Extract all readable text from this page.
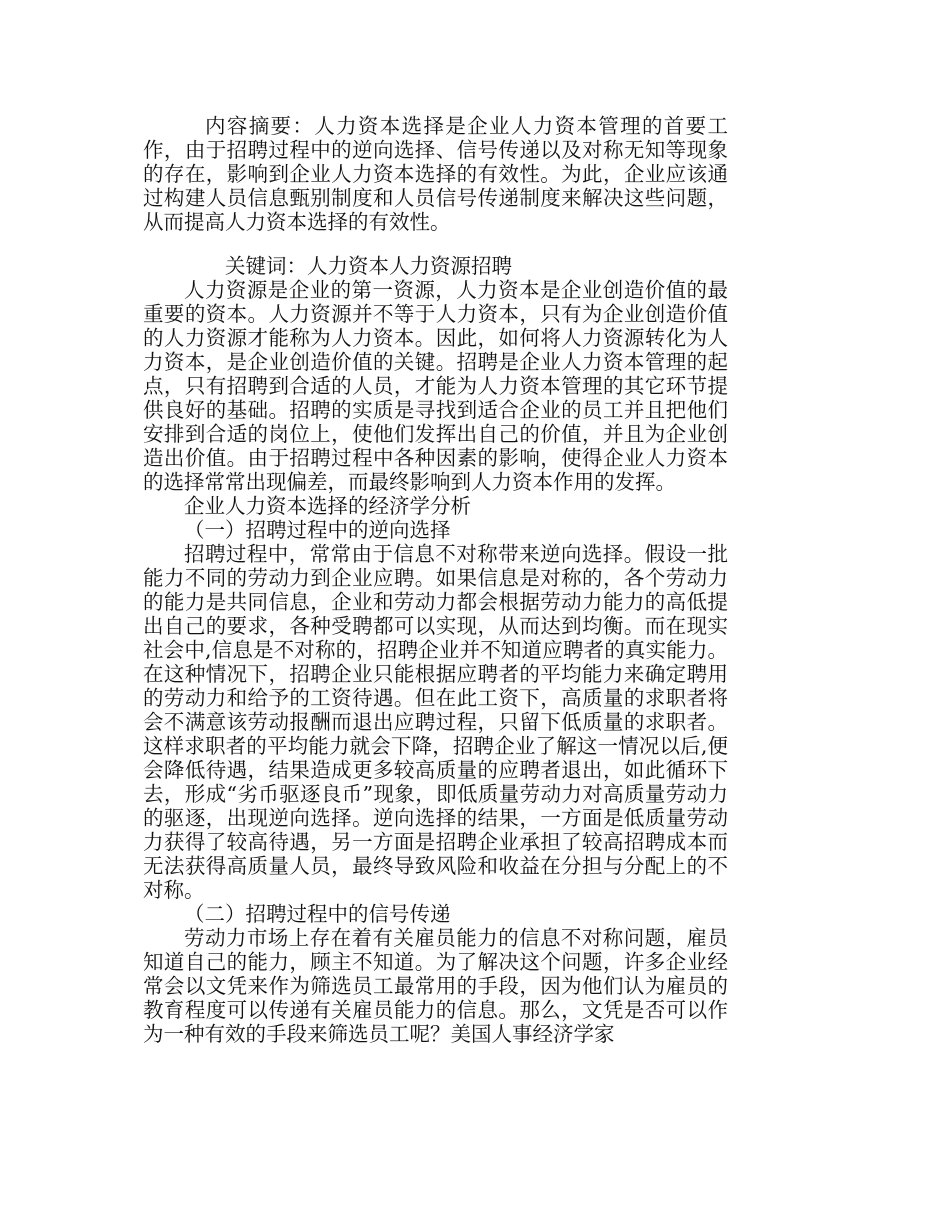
内容摘要：人力资本选择是企业人力资本管理的首要工作，由于招聘过程中的逆向选择、信号传递以及对称无知等现象的存在，影响到企业人力资本选择的有效性。为此，企业应该通过构建人员信息甄别制度和人员信号传递制度来解决这些问题，从而提高人力资本选择的有效性。

关键词：人力资本人力资源招聘

人力资源是企业的第一资源，人力资本是企业创造价值的最重要的资本。人力资源并不等于人力资本，只有为企业创造价值的人力资源才能称为人力资本。因此，如何将人力资源转化为人力资本，是企业创造价值的关键。招聘是企业人力资本管理的起点，只有招聘到合适的人员，才能为人力资本管理的其它环节提供良好的基础。招聘的实质是寻找到适合企业的员工并且把他们安排到合适的岗位上，使他们发挥出自己的价值，并且为企业创造出价值。由于招聘过程中各种因素的影响，使得企业人力资本的选择常常出现偏差，而最终影响到人力资本作用的发挥。

企业人力资本选择的经济学分析

（一）招聘过程中的逆向选择

招聘过程中，常常由于信息不对称带来逆向选择。假设一批能力不同的劳动力到企业应聘。如果信息是对称的，各个劳动力的能力是共同信息，企业和劳动力都会根据劳动力能力的高低提出自己的要求，各种受聘都可以实现，从而达到均衡。而在现实社会中,信息是不对称的，招聘企业并不知道应聘者的真实能力。在这种情况下，招聘企业只能根据应聘者的平均能力来确定聘用的劳动力和给予的工资待遇。但在此工资下，高质量的求职者将会不满意该劳动报酬而退出应聘过程，只留下低质量的求职者。这样求职者的平均能力就会下降，招聘企业了解这一情况以后,便会降低待遇，结果造成更多较高质量的应聘者退出，如此循环下去，形成“劣币驱逐良币”现象，即低质量劳动力对高质量劳动力的驱逐，出现逆向选择。逆向选择的结果，一方面是低质量劳动力获得了较高待遇，另一方面是招聘企业承担了较高招聘成本而无法获得高质量人员，最终导致风险和收益在分担与分配上的不对称。

（二）招聘过程中的信号传递

劳动力市场上存在着有关雇员能力的信息不对称问题，雇员知道自己的能力，顾主不知道。为了解决这个问题，许多企业经常会以文凭来作为筛选员工最常用的手段，因为他们认为雇员的教育程度可以传递有关雇员能力的信息。那么，文凭是否可以作为一种有效的手段来筛选员工呢？美国人事经济学家
